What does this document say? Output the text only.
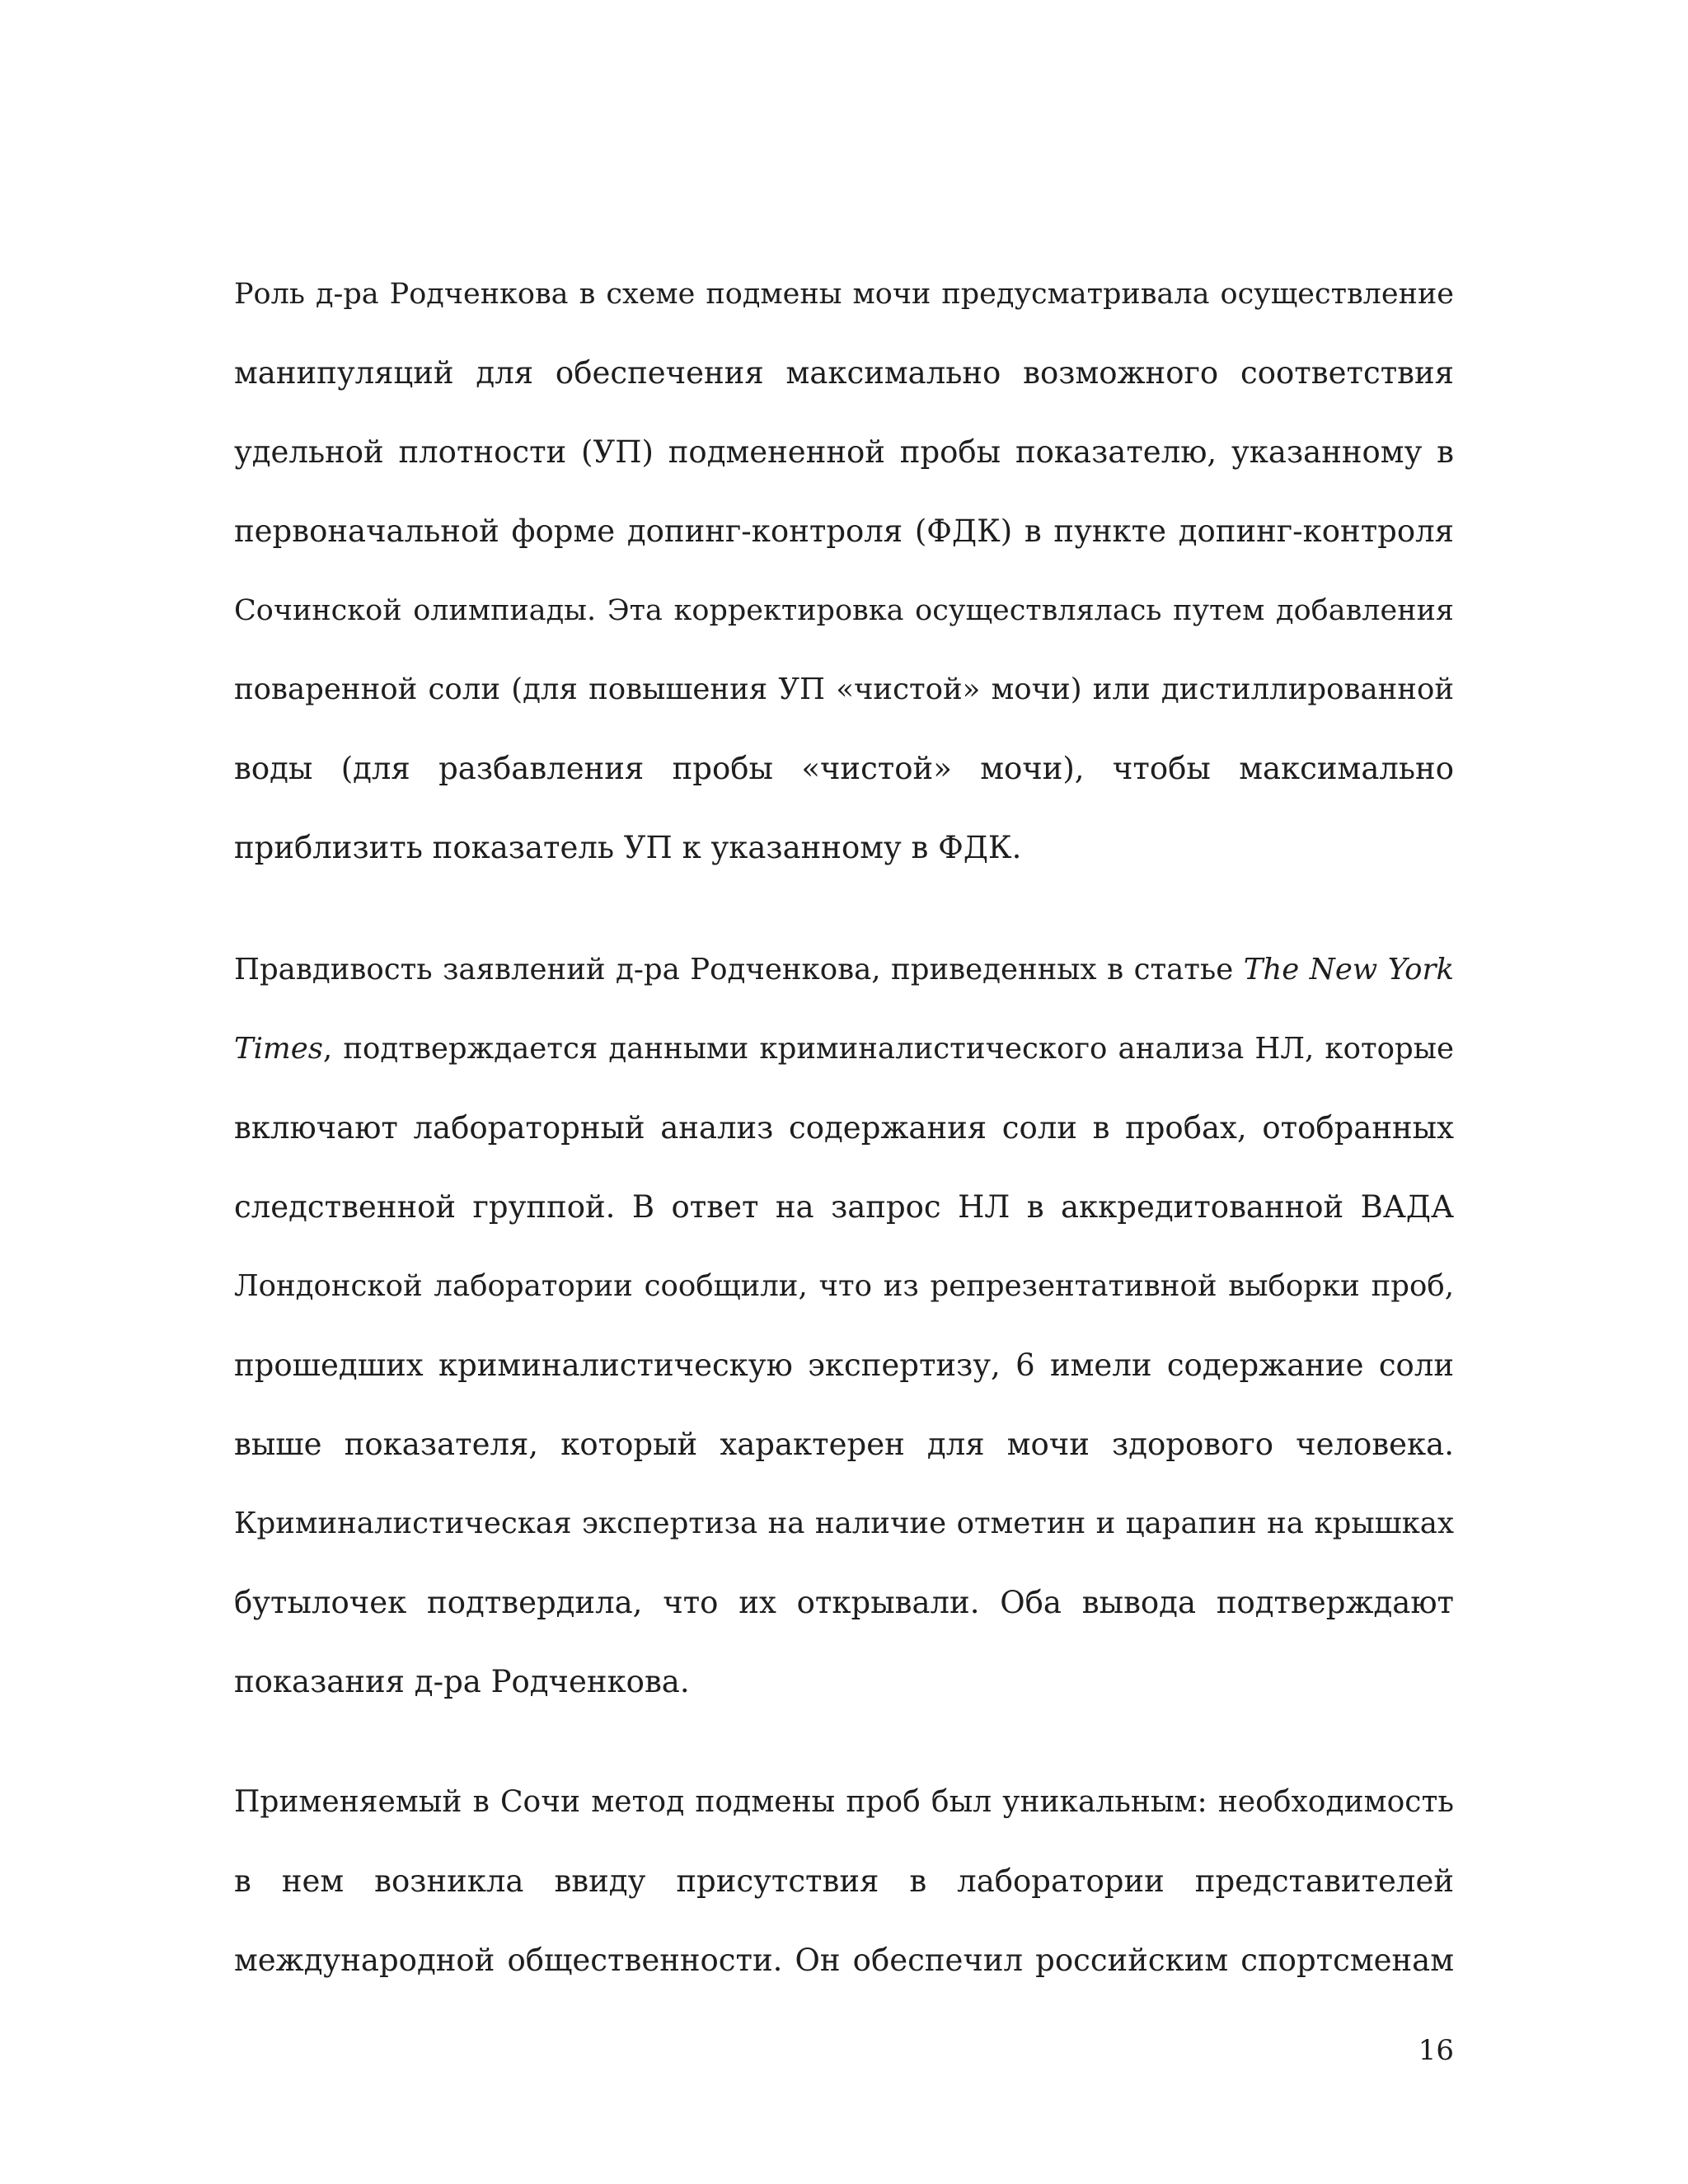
Роль д-ра Родченкова в схеме подмены мочи предусматривала осуществление
манипуляций для обеспечения максимально возможного соответствия
удельной плотности (УП) подмененной пробы показателю, указанному в
первоначальной форме допинг-контроля (ФДК) в пункте допинг-контроля
Сочинской олимпиады. Эта корректировка осуществлялась путем добавления
поваренной соли (для повышения УП «чистой» мочи) или дистиллированной
воды (для разбавления пробы «чистой» мочи), чтобы максимально
приблизить показатель УП к указанному в ФДК.
Правдивость заявлений д-ра Родченкова, приведенных в статье The New York
Times, подтверждается данными криминалистического анализа НЛ, которые
включают лабораторный анализ содержания соли в пробах, отобранных
следственной группой. В ответ на запрос НЛ в аккредитованной ВАДА
Лондонской лаборатории сообщили, что из репрезентативной выборки проб,
прошедших криминалистическую экспертизу, 6 имели содержание соли
выше показателя, который характерен для мочи здорового человека.
Криминалистическая экспертиза на наличие отметин и царапин на крышках
бутылочек подтвердила, что их открывали. Оба вывода подтверждают
показания д-ра Родченкова.
Применяемый в Сочи метод подмены проб был уникальным: необходимость
в нем возникла ввиду присутствия в лаборатории представителей
международной общественности. Он обеспечил российским спортсменам
16
